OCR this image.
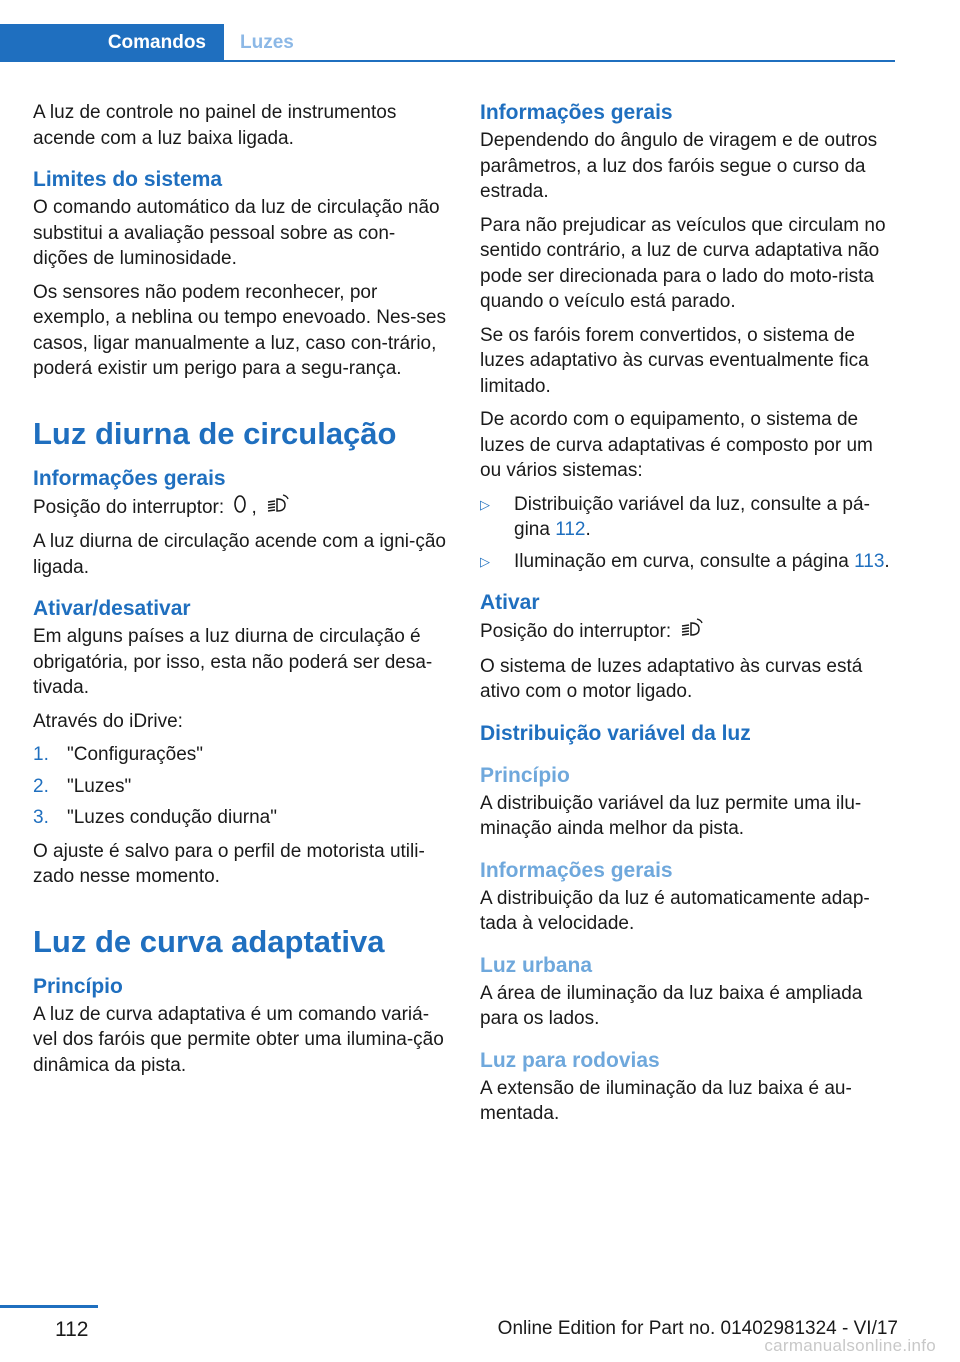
Comandos Luzes

A luz de controle no painel de instrumentos acende com a luz baixa ligada.

Limites do sistema

O comando automático da luz de circulação não substitui a avaliação pessoal sobre as con-dições de luminosidade.

Os sensores não podem reconhecer, por exemplo, a neblina ou tempo enevoado. Nes-ses casos, ligar manualmente a luz, caso con-trário, poderá existir um perigo para a segu-rança.

Luz diurna de circulação
Informações gerais

Posição do interruptor: ,

A luz diurna de circulação acende com a igni-ção ligada.

Ativar/desativar

Em alguns países a luz diurna de circulação é obrigatória, por isso, esta não poderá ser desa-tivada.

Através do iDrive:

1. "Configurações"
2. "Luzes"
3. "Luzes condução diurna"

O ajuste é salvo para o perfil de motorista utili-zado nesse momento.

Luz de curva adaptativa
Princípio

A luz de curva adaptativa é um comando variá-vel dos faróis que permite obter uma ilumina-ção dinâmica da pista.

Informações gerais

Dependendo do ângulo de viragem e de outros parâmetros, a luz dos faróis segue o curso da estrada.

Para não prejudicar as veículos que circulam no sentido contrário, a luz de curva adaptativa não pode ser direcionada para o lado do moto-rista quando o veículo está parado.

Se os faróis forem convertidos, o sistema de luzes adaptativo às curvas eventualmente fica limitado.

De acordo com o equipamento, o sistema de luzes de curva adaptativas é composto por um ou vários sistemas:

▷	Distribuição variável da luz, consulte a pá-gina 112.
▷	Iluminação em curva, consulte a página 113.
Ativar

Posição do interruptor:

O sistema de luzes adaptativo às curvas está ativo com o motor ligado.

Distribuição variável da luz
Princípio

A distribuição variável da luz permite uma ilu-minação ainda melhor da pista.

Informações gerais

A distribuição da luz é automaticamente adap-tada à velocidade.

Luz urbana

A área de iluminação da luz baixa é ampliada para os lados.

Luz para rodovias

A extensão de iluminação da luz baixa é au-mentada.

112	Online Edition for Part no. 01402981324 - VI/17
carmanualsonline.info
